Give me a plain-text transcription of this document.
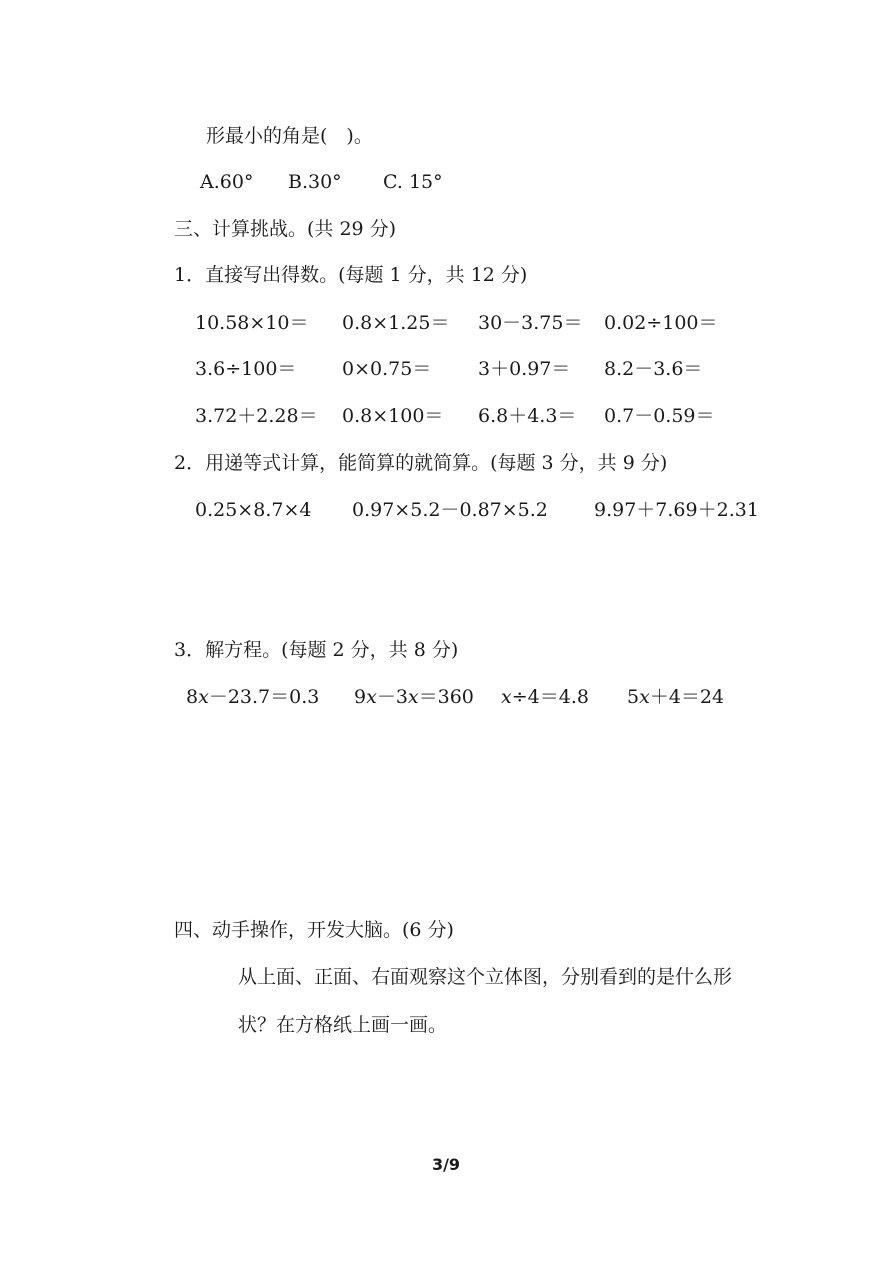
形最小的角是(　)。
A.60° B.30° C. 15°
三、计算挑战。(共 29 分)
1．直接写出得数。(每题 1 分，共 12 分)
10.58×10＝ 0.8×1.25＝ 30－3.75＝ 0.02÷100＝
3.6÷100＝ 0×0.75＝ 3＋0.97＝ 8.2－3.6＝
3.72＋2.28＝ 0.8×100＝ 6.8＋4.3＝ 0.7－0.59＝
2．用递等式计算，能简算的就简算。(每题 3 分，共 9 分)
0.25×8.7×4 0.97×5.2－0.87×5.2 9.97＋7.69＋2.31
3．解方程。(每题 2 分，共 8 分)
8x－23.7＝0.3 9x－3x＝360 x÷4＝4.8 5x＋4＝24
四、动手操作，开发大脑。(6 分)
从上面、正面、右面观察这个立体图，分别看到的是什么形
状？在方格纸上画一画。
3/9
